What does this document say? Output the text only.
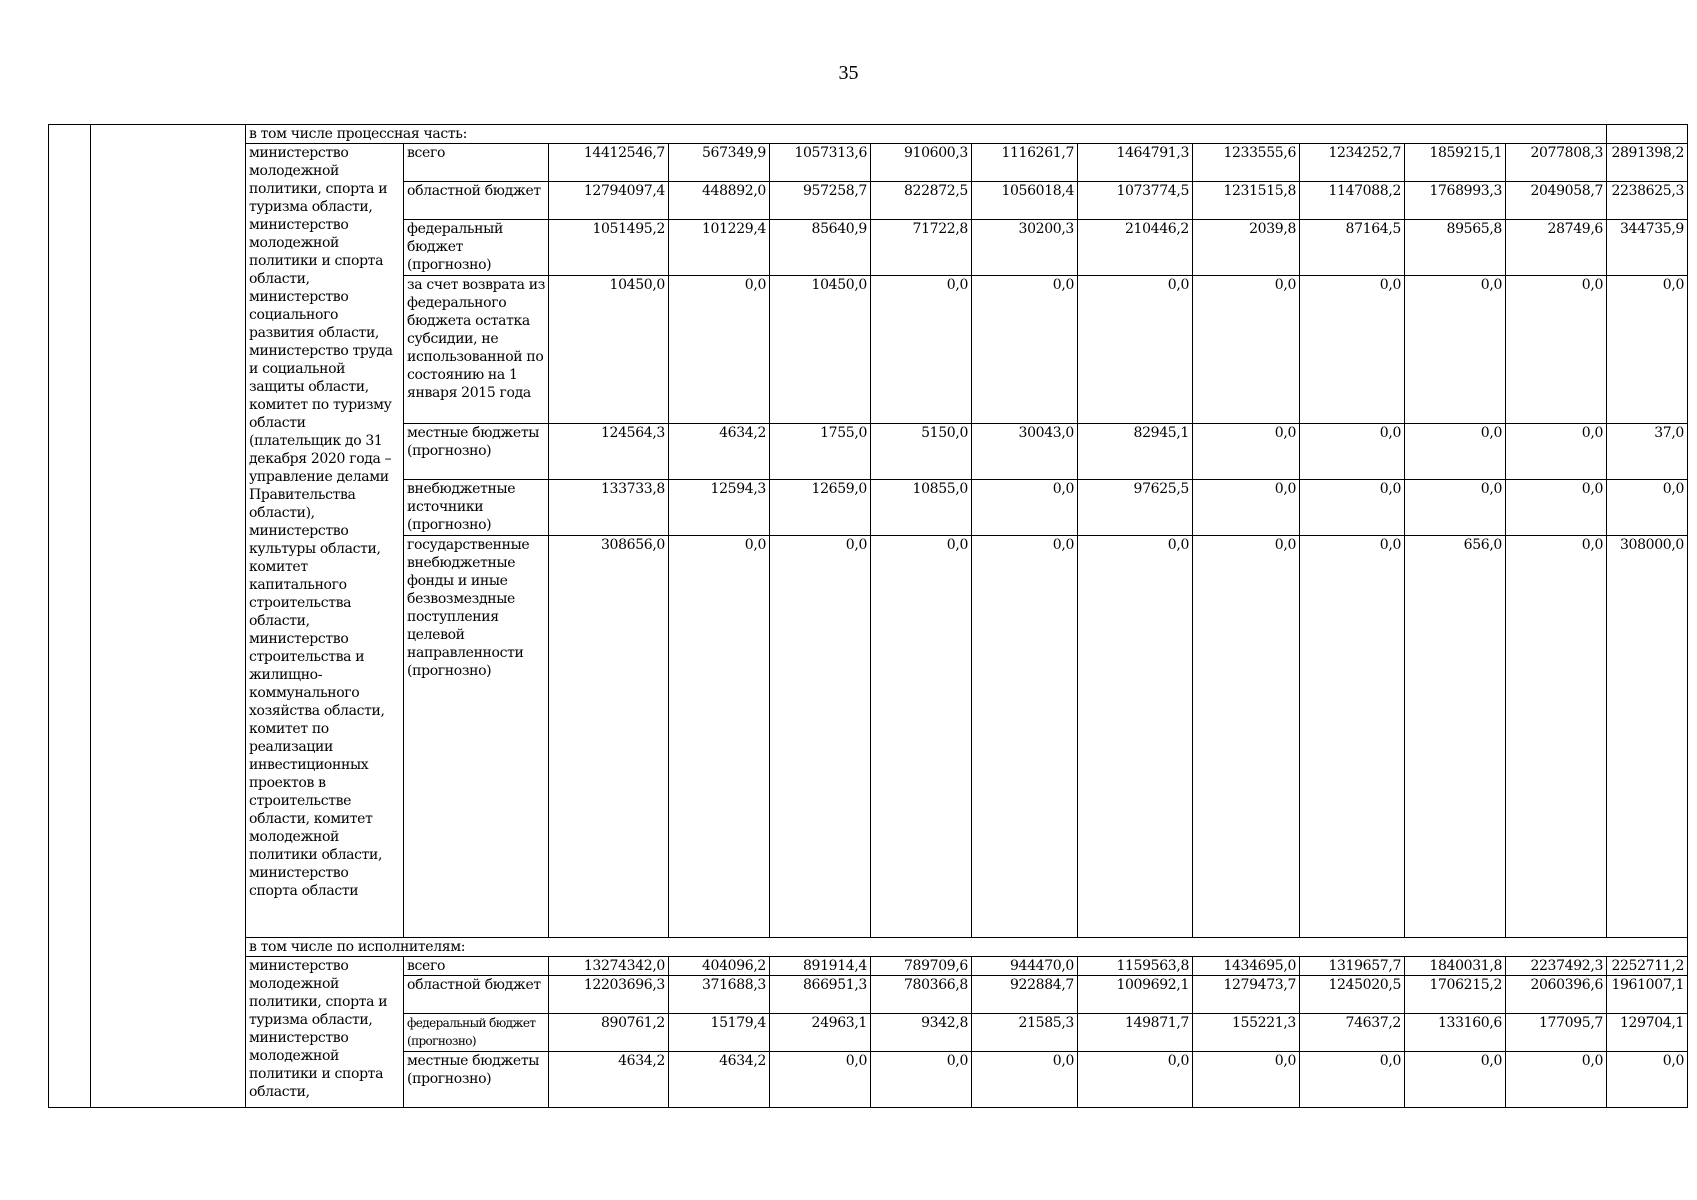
35
		в том числе процессная часть:												
		министерство молодежной политики, спорта и туризма области, министерство молодежной политики и спорта области, министерство социального развития области, министерство труда и социальной защиты области, комитет по туризму области (плательщик до 31 декабря 2020 года – управление делами Правительства области), министерство культуры области, комитет капитального строительства области, министерство строительства и жилищно-коммунального хозяйства области, комитет по реализации инвестиционных проектов в строительстве области, комитет молодежной политики области, министерство спорта области	всего	14412546,7	567349,9	1057313,6	910600,3	1116261,7	1464791,3	1233555,6	1234252,7	1859215,1	2077808,3	2891398,2
			областной бюджет	12794097,4	448892,0	957258,7	822872,5	1056018,4	1073774,5	1231515,8	1147088,2	1768993,3	2049058,7	2238625,3
			федеральный бюджет (прогнозно)	1051495,2	101229,4	85640,9	71722,8	30200,3	210446,2	2039,8	87164,5	89565,8	28749,6	344735,9
			за счет возврата из федерального бюджета остатка субсидии, не использованной по состоянию на 1 января 2015 года	10450,0	0,0	10450,0	0,0	0,0	0,0	0,0	0,0	0,0	0,0	0,0
			местные бюджеты (прогнозно)	124564,3	4634,2	1755,0	5150,0	30043,0	82945,1	0,0	0,0	0,0	0,0	37,0
			внебюджетные источники (прогнозно)	133733,8	12594,3	12659,0	10855,0	0,0	97625,5	0,0	0,0	0,0	0,0	0,0
			государственные внебюджетные фонды и иные безвозмездные поступления целевой направленности (прогнозно)	308656,0	0,0	0,0	0,0	0,0	0,0	0,0	0,0	656,0	0,0	308000,0
		в том числе по исполнителям:												
		министерство молодежной политики, спорта и туризма области, министерство молодежной политики и спорта области,	всего	13274342,0	404096,2	891914,4	789709,6	944470,0	1159563,8	1434695,0	1319657,7	1840031,8	2237492,3	2252711,2
			областной бюджет	12203696,3	371688,3	866951,3	780366,8	922884,7	1009692,1	1279473,7	1245020,5	1706215,2	2060396,6	1961007,1
			федеральный бюджет (прогнозно)	890761,2	15179,4	24963,1	9342,8	21585,3	149871,7	155221,3	74637,2	133160,6	177095,7	129704,1
			местные бюджеты (прогнозно)	4634,2	4634,2	0,0	0,0	0,0	0,0	0,0	0,0	0,0	0,0	0,0
